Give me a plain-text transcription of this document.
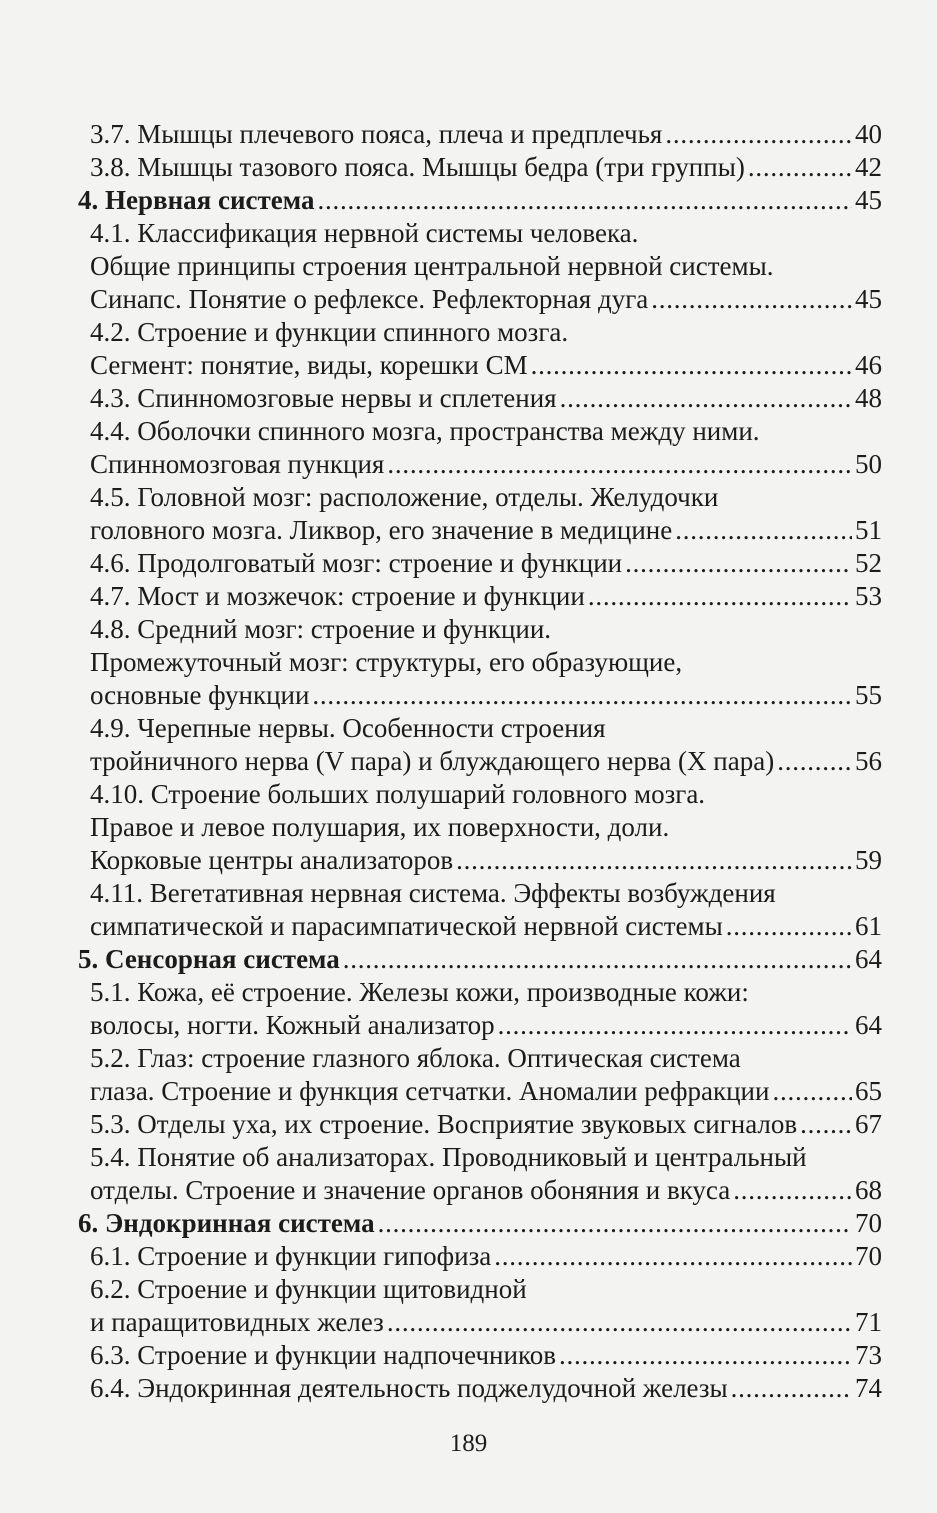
3.7. Мышцы плечевого пояса, плеча и предплечья . . .	40
3.8. Мышцы тазового пояса. Мышцы бедра (три группы) . . .	42
4. Нервная система . . .	45
4.1. Классификация нервной системы человека.
Общие принципы строения центральной нервной системы.
Синапс. Понятие о рефлексе. Рефлекторная дуга . . .	45
4.2. Строение и функции спинного мозга.
Сегмент: понятие, виды, корешки СМ . . .	46
4.3. Спинномозговые нервы и сплетения . . .	48
4.4. Оболочки спинного мозга, пространства между ними.
Спинномозговая пункция . . .	50
4.5. Головной мозг: расположение, отделы. Желудочки
головного мозга. Ликвор, его значение в медицине . . .	51
4.6. Продолговатый мозг: строение и функции . . .	52
4.7. Мост и мозжечок: строение и функции . . .	53
4.8. Средний мозг: строение и функции.
Промежуточный мозг: структуры, его образующие,
основные функции . . .	55
4.9. Черепные нервы. Особенности строения
тройничного нерва (V пара) и блуждающего нерва (X пара) . . .	56
4.10. Строение больших полушарий головного мозга.
Правое и левое полушария, их поверхности, доли.
Корковые центры анализаторов . . .	59
4.11. Вегетативная нервная система. Эффекты возбуждения
симпатической и парасимпатической нервной системы . . .	61
5. Сенсорная система . . .	64
5.1. Кожа, её строение. Железы кожи, производные кожи:
волосы, ногти. Кожный анализатор . . .	64
5.2. Глаз: строение глазного яблока. Оптическая система
глаза. Строение и функция сетчатки. Аномалии рефракции . . .	65
5.3. Отделы уха, их строение. Восприятие звуковых сигналов . . . 67
5.4. Понятие об анализаторах. Проводниковый и центральный
отделы. Строение и значение органов обоняния и вкуса . . .	68
6. Эндокринная система . . .	70
6.1. Строение и функции гипофиза . . .	70
6.2. Строение и функции щитовидной
и паращитовидных желез . . .	71
6.3. Строение и функции надпочечников . . .	73
6.4. Эндокринная деятельность поджелудочной железы . . .	74
189
